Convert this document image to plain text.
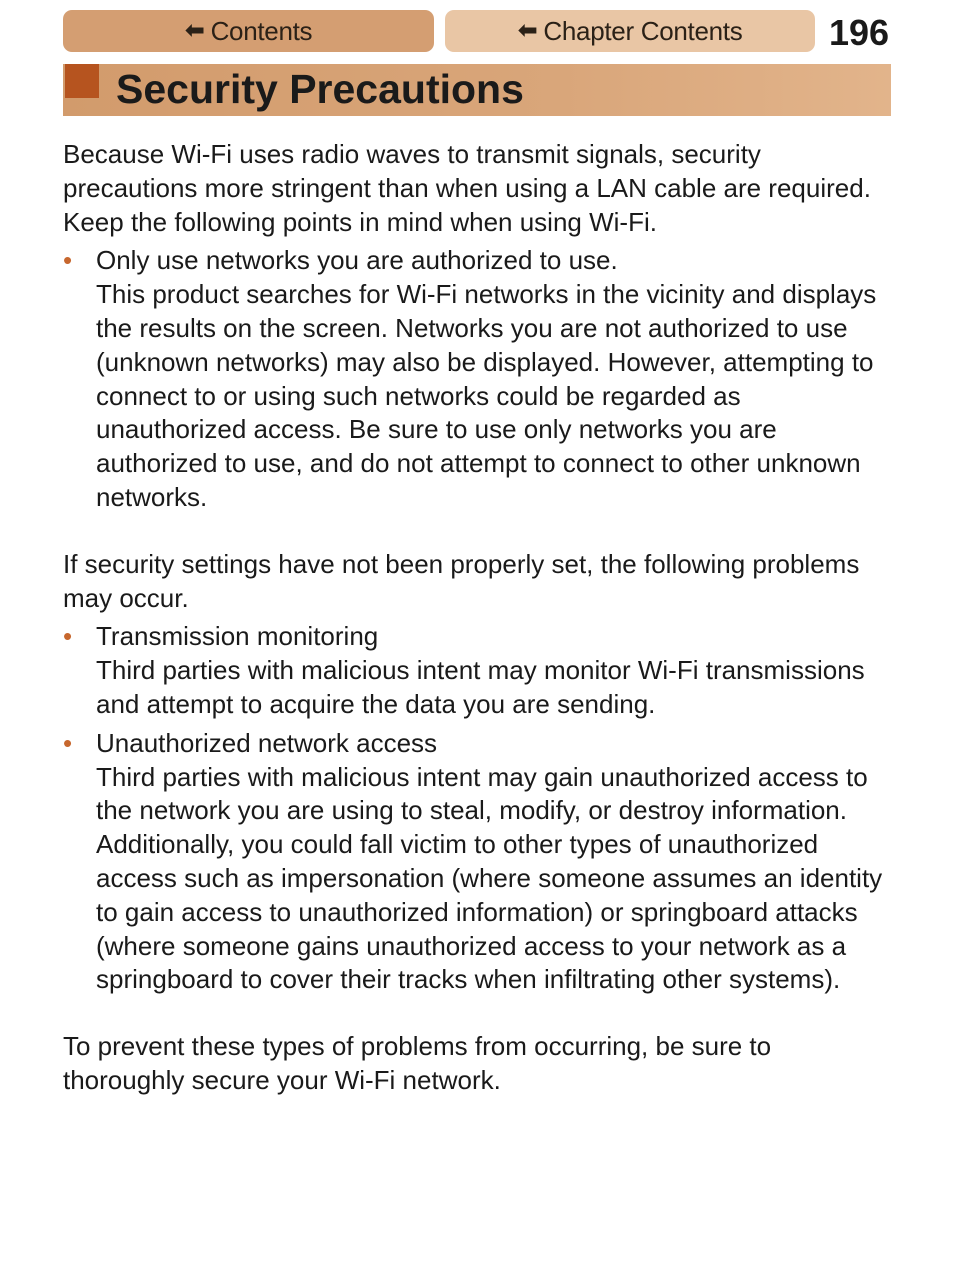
⬅ Contents	⬅ Chapter Contents 196
Security Precautions

Because Wi-Fi uses radio waves to transmit signals, security precautions more stringent than when using a LAN cable are required.

Keep the following points in mind when using Wi-Fi.

• Only use networks you are authorized to use.

This product searches for Wi-Fi networks in the vicinity and displays the results on the screen. Networks you are not authorized to use (unknown networks) may also be displayed. However, attempting to connect to or using such networks could be regarded as unauthorized access. Be sure to use only networks you are authorized to use, and do not attempt to connect to other unknown networks.

If security settings have not been properly set, the following problems may occur.

• Transmission monitoring

Third parties with malicious intent may monitor Wi-Fi transmissions and attempt to acquire the data you are sending.

• Unauthorized network access

Third parties with malicious intent may gain unauthorized access to the network you are using to steal, modify, or destroy information. Additionally, you could fall victim to other types of unauthorized access such as impersonation (where someone assumes an identity to gain access to unauthorized information) or springboard attacks (where someone gains unauthorized access to your network as a springboard to cover their tracks when infiltrating other systems).

To prevent these types of problems from occurring, be sure to thoroughly secure your Wi-Fi network.
